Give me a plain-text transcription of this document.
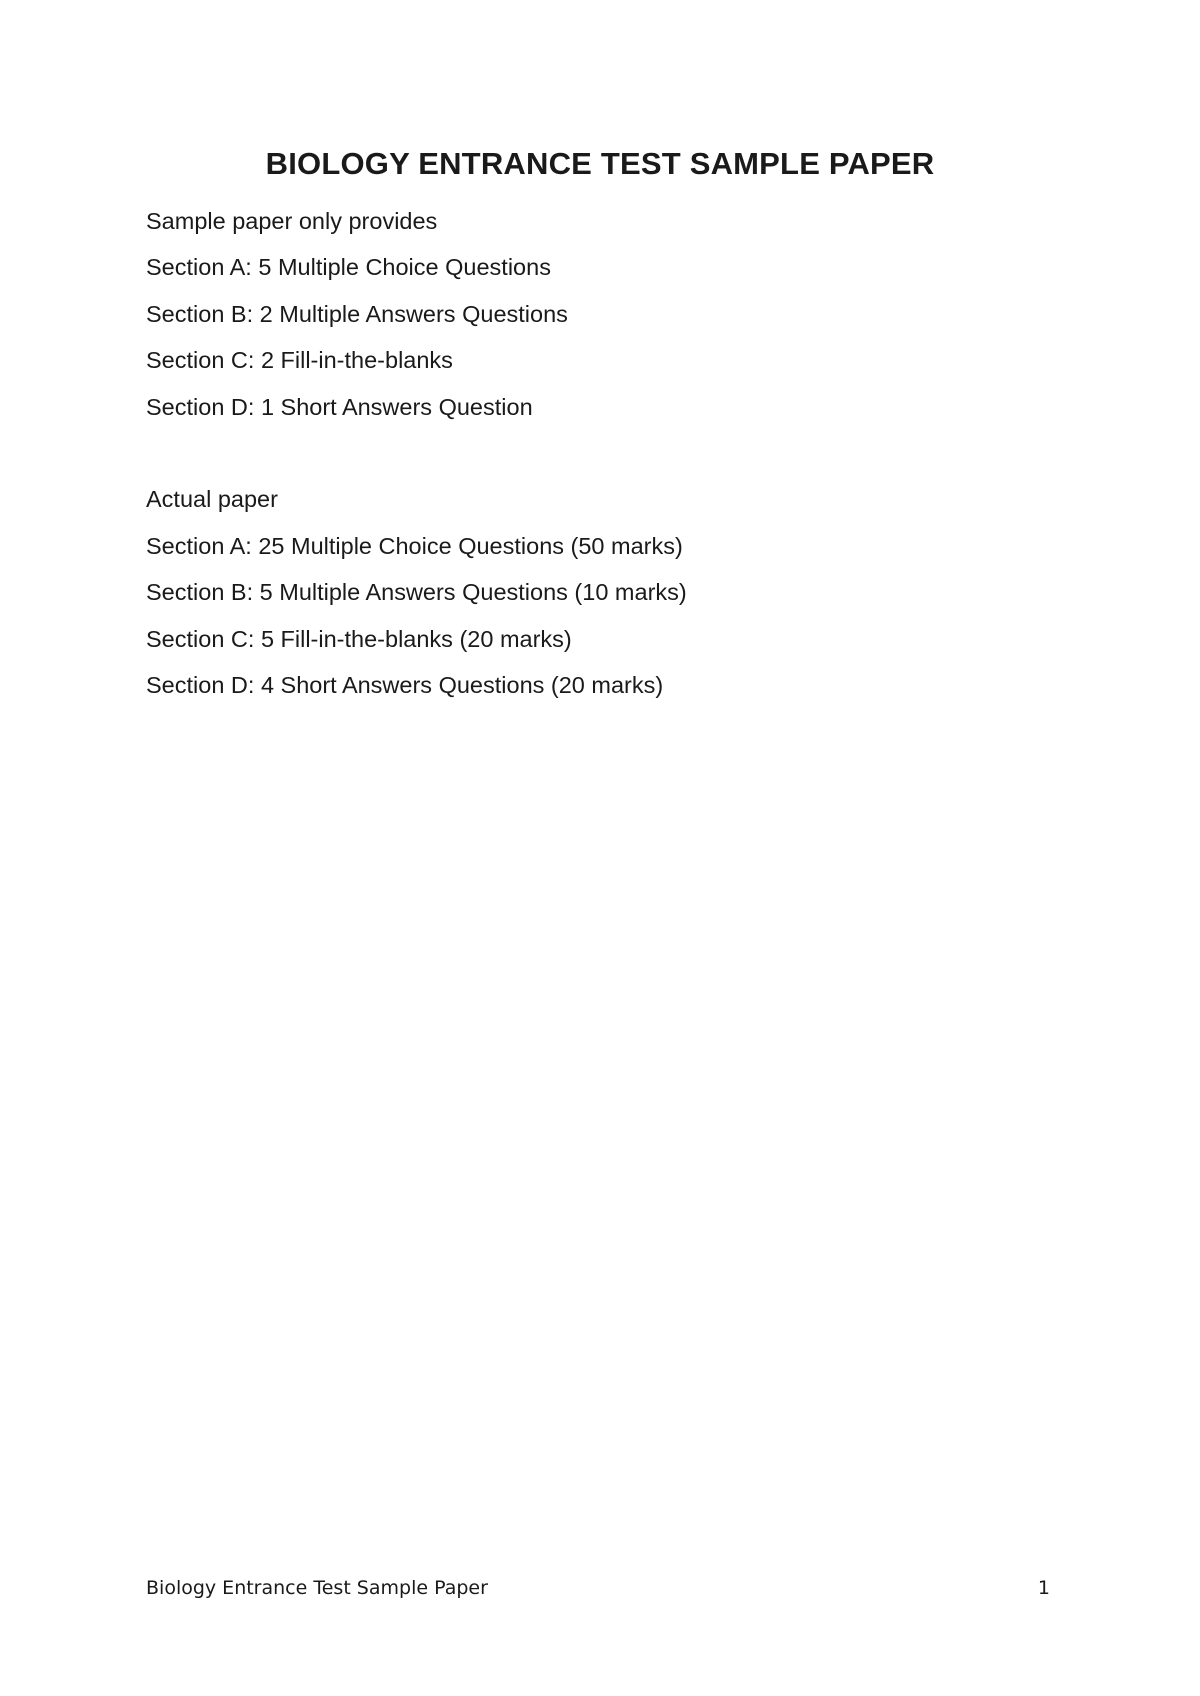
BIOLOGY ENTRANCE TEST SAMPLE PAPER

Sample paper only provides

Section A: 5 Multiple Choice Questions

Section B: 2 Multiple Answers Questions

Section C: 2 Fill-in-the-blanks

Section D: 1 Short Answers Question

Actual paper

Section A: 25 Multiple Choice Questions (50 marks)

Section B: 5 Multiple Answers Questions (10 marks)

Section C: 5 Fill-in-the-blanks (20 marks)

Section D: 4 Short Answers Questions (20 marks)

Biology Entrance Test Sample Paper	1
